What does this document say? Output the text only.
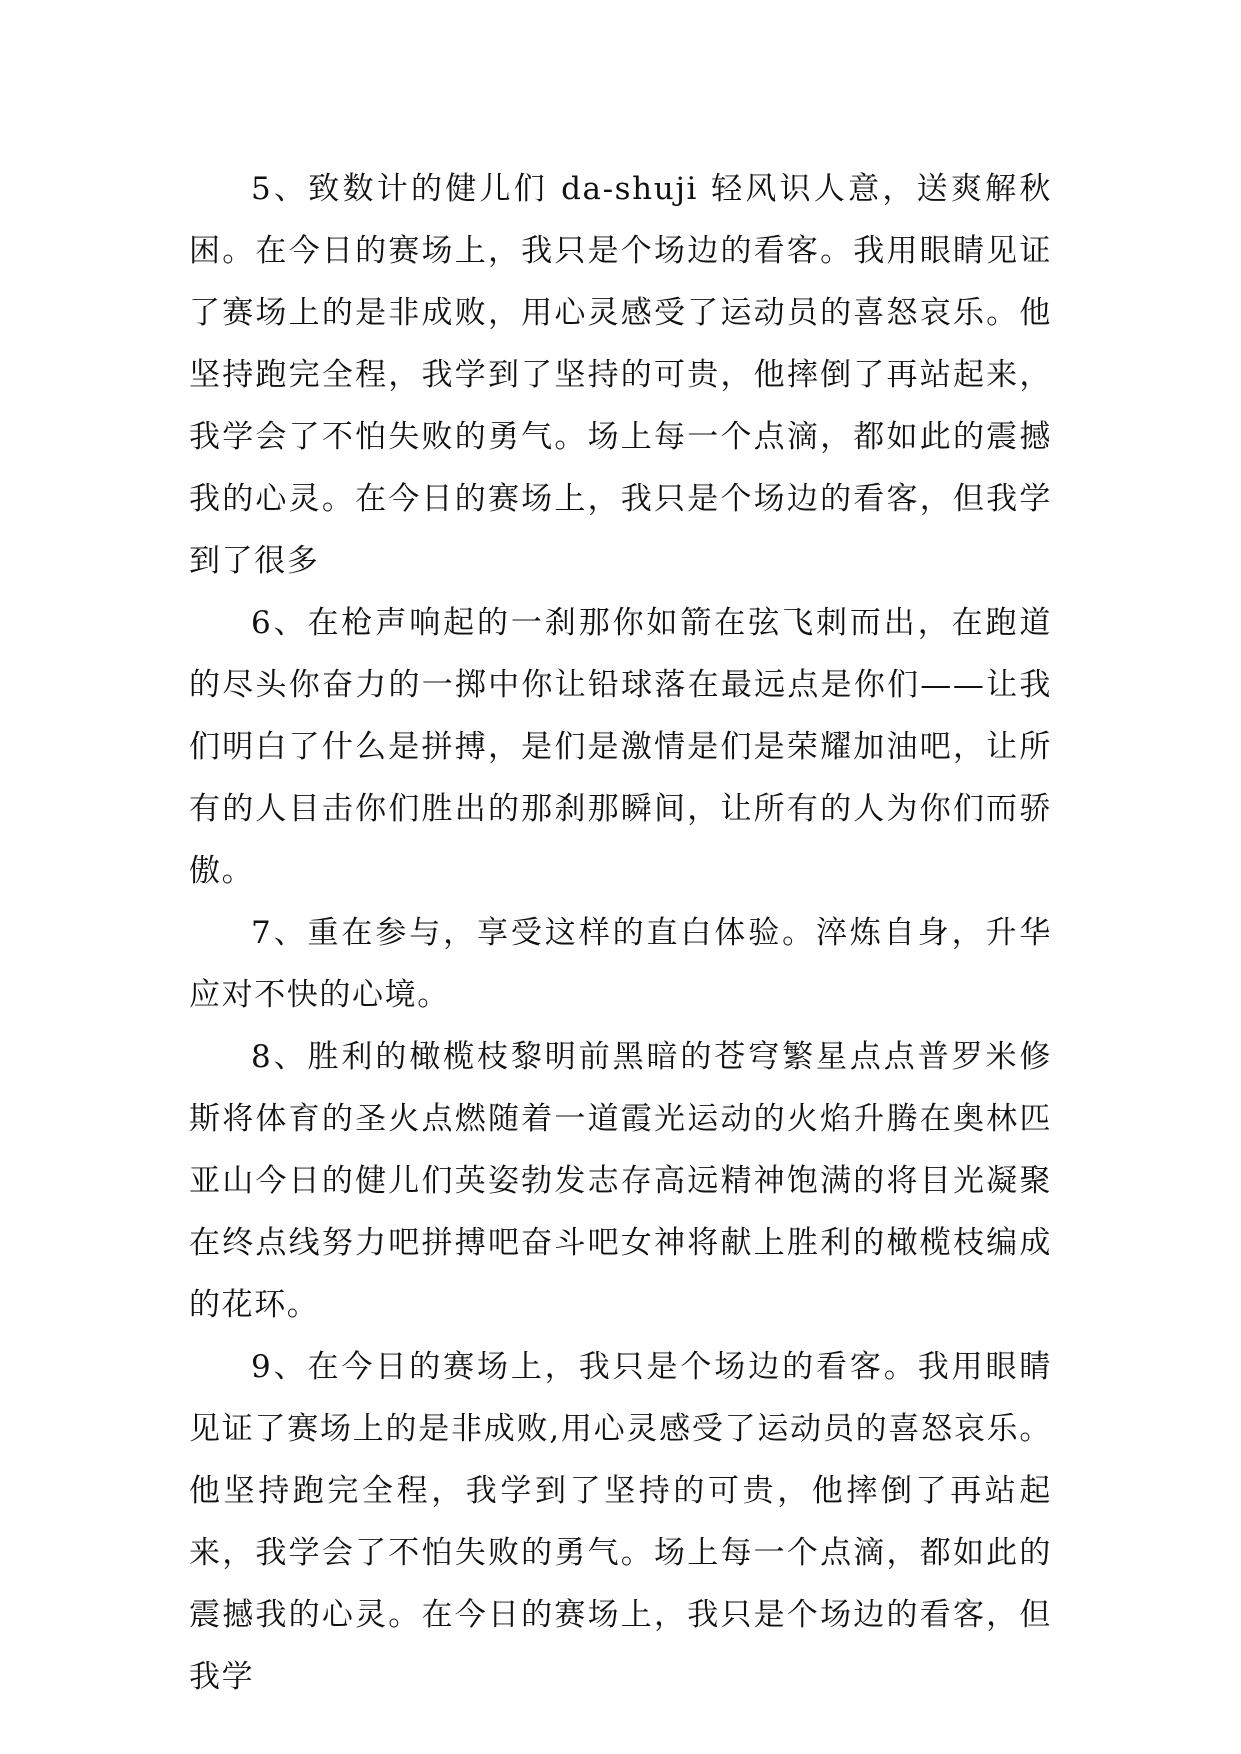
5、致数计的健儿们 da-shuji 轻风识人意，送爽解秋困。在今日的赛场上，我只是个场边的看客。我用眼睛见证了赛场上的是非成败，用心灵感受了运动员的喜怒哀乐。他坚持跑完全程，我学到了坚持的可贵，他摔倒了再站起来，我学会了不怕失败的勇气。场上每一个点滴，都如此的震撼我的心灵。在今日的赛场上，我只是个场边的看客，但我学到了很多

6、在枪声响起的一刹那你如箭在弦飞刺而出，在跑道的尽头你奋力的一掷中你让铅球落在最远点是你们——让我们明白了什么是拼搏，是们是激情是们是荣耀加油吧，让所有的人目击你们胜出的那刹那瞬间，让所有的人为你们而骄傲。

7、重在参与，享受这样的直白体验。淬炼自身，升华应对不快的心境。

8、胜利的橄榄枝黎明前黑暗的苍穹繁星点点普罗米修斯将体育的圣火点燃随着一道霞光运动的火焰升腾在奥林匹亚山今日的健儿们英姿勃发志存高远精神饱满的将目光凝聚在终点线努力吧拼搏吧奋斗吧女神将献上胜利的橄榄枝编成的花环。

9、在今日的赛场上，我只是个场边的看客。我用眼睛见证了赛场上的是非成败,用心灵感受了运动员的喜怒哀乐。他坚持跑完全程，我学到了坚持的可贵，他摔倒了再站起来，我学会了不怕失败的勇气。场上每一个点滴，都如此的震撼我的心灵。在今日的赛场上，我只是个场边的看客，但我学
